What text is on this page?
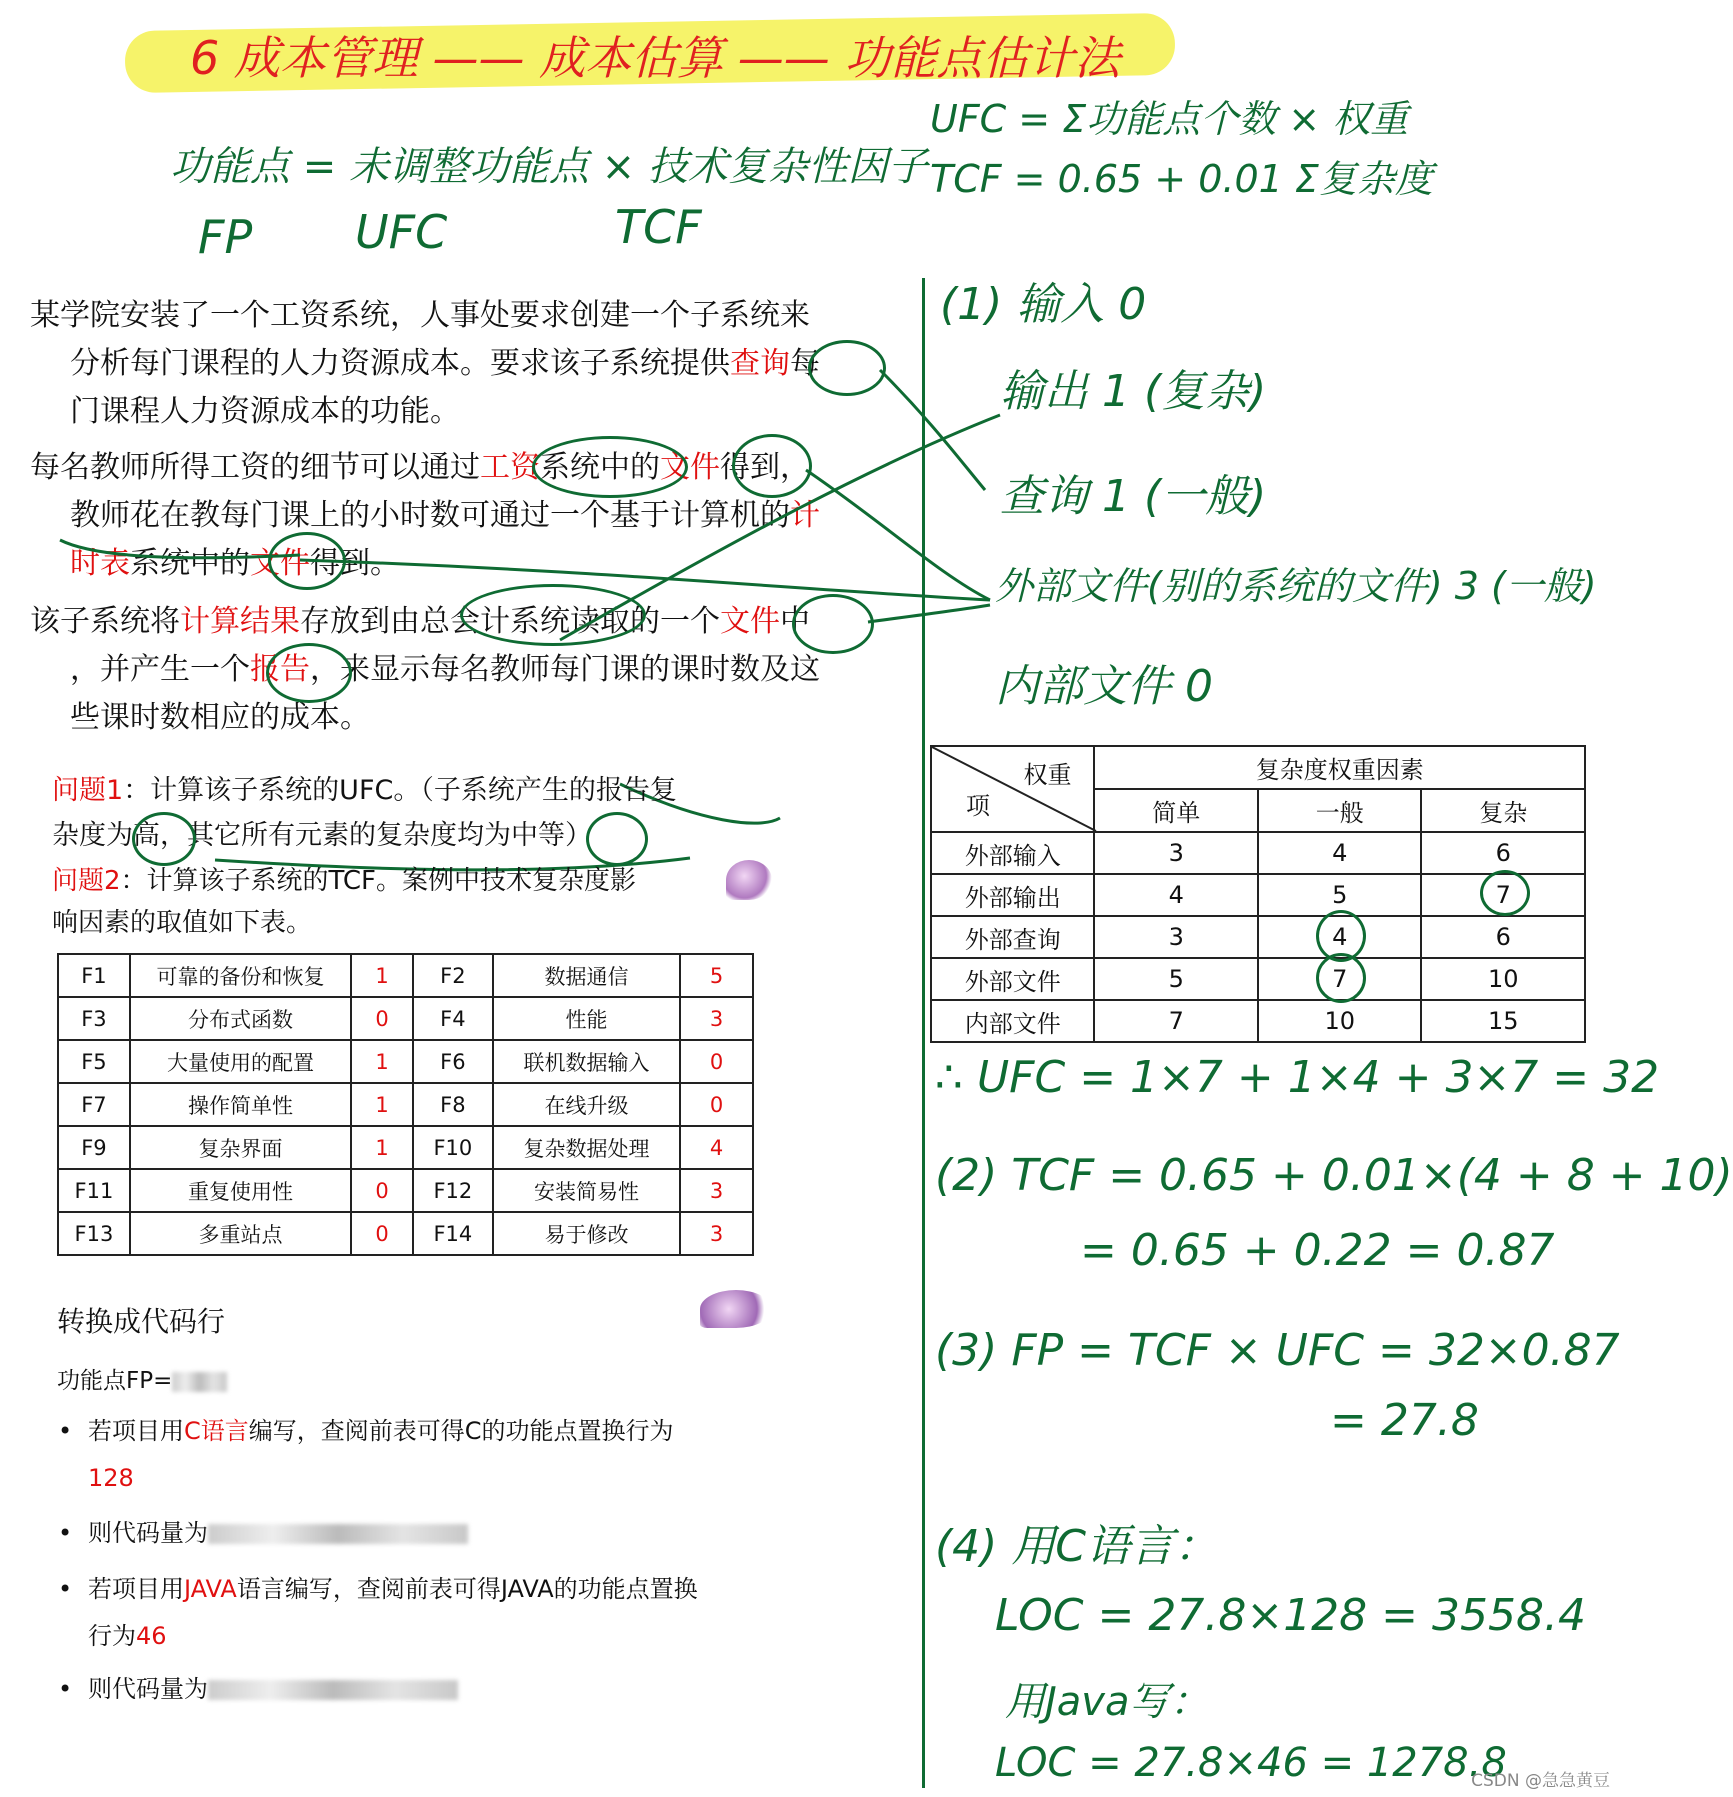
6 成本管理 —— 成本估算 —— 功能点估计法
功能点 = 未调整功能点 × 技术复杂性因子
FP UFC	TCF
UFC = Σ功能点个数 × 权重
TCF = 0.65 + 0.01 Σ复杂度
某学院安装了一个工资系统，人事处要求创建一个子系统来
分析每门课程的人力资源成本。要求该子系统提供查询每
门课程人力资源成本的功能。
每名教师所得工资的细节可以通过工资系统中的文件得到，
教师花在教每门课上的小时数可通过一个基于计算机的计
时表系统中的文件得到。
该子系统将计算结果存放到由总会计系统读取的一个文件中
，并产生一个报告，来显示每名教师每门课的课时数及这
些课时数相应的成本。
问题1：计算该子系统的UFC。（子系统产生的报告复
杂度为高，其它所有元素的复杂度均为中等）
问题2：计算该子系统的TCF。案例中技术复杂度影
响因素的取值如下表。
F1	可靠的备份和恢复	1	F2	数据通信	5
F3	分布式函数	0	F4	性能	3
F5	大量使用的配置	1	F6	联机数据输入	0
F7	操作简单性	1	F8	在线升级	0
F9	复杂界面	1	F10	复杂数据处理	4
F11	重复使用性	0	F12	安装简易性	3
F13	多重站点	0	F14	易于修改	3
转换成代码行
功能点FP=
• 若项目用C语言编写，查阅前表可得C的功能点置换行为
128
• 则代码量为
• 若项目用JAVA语言编写，查阅前表可得JAVA的功能点置换
行为46
• 则代码量为
(1) 输入 0
输出 1 (复杂)
查询 1 (一般)
外部文件(别的系统的文件) 3 (一般)
内部文件 0
权重
项	复杂度权重因素		
	简单	一般	复杂
外部输入	3	4	6
外部输出	4	5	7
外部查询	3	4	6
外部文件	5	7	10
内部文件	7	10	15
∴ UFC = 1×7 + 1×4 + 3×7 = 32
(2) TCF = 0.65 + 0.01×(4 + 8 + 10)
= 0.65 + 0.22 = 0.87
(3) FP = TCF × UFC = 32×0.87
= 27.8
(4) 用C语言：
LOC = 27.8×128 = 3558.4
用Java写：
LOC = 27.8×46 = 1278.8
CSDN @急急黄豆
